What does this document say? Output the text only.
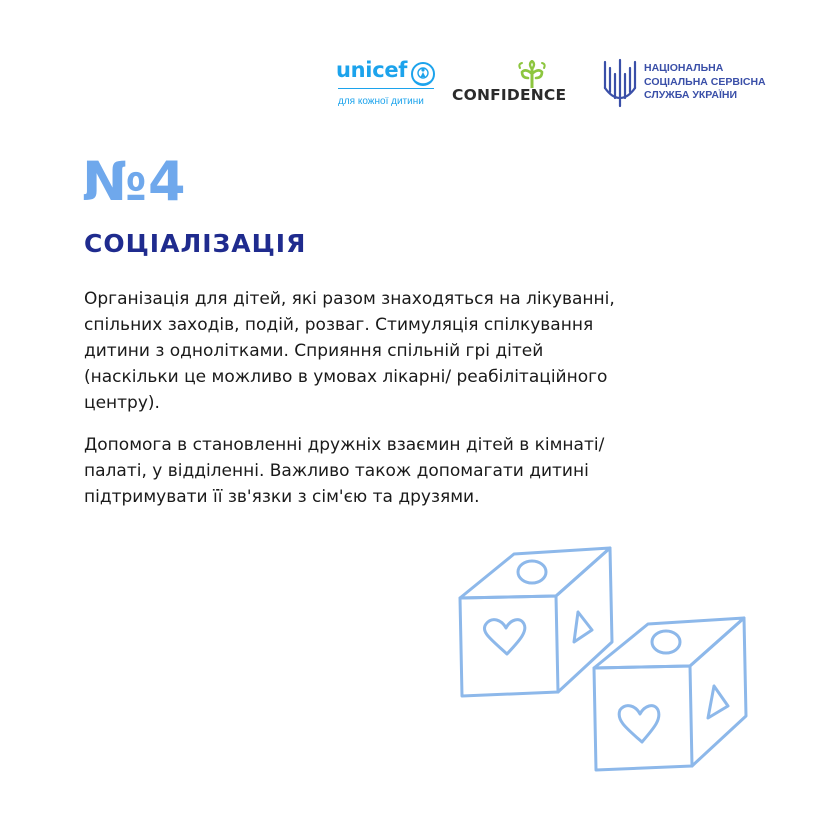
unicef
для кожної дитини CONFIDENCE
НАЦІОНАЛЬНА
СОЦІАЛЬНА СЕРВІСНА
СЛУЖБА УКРАЇНИ
№4
СОЦІАЛІЗАЦІЯ

Організація для дітей, які разом знаходяться на лікуванні,
спільних заходів, подій, розваг. Стимуляція спілкування
дитини з однолітками. Сприяння спільній грі дітей
(наскільки це можливо в умовах лікарні/ реабілітаційного
центру).

Допомога в становленні дружніх взаємин дітей в кімнаті/
палаті, у відділенні. Важливо також допомагати дитині
підтримувати її зв'язки з сім'єю та друзями.
